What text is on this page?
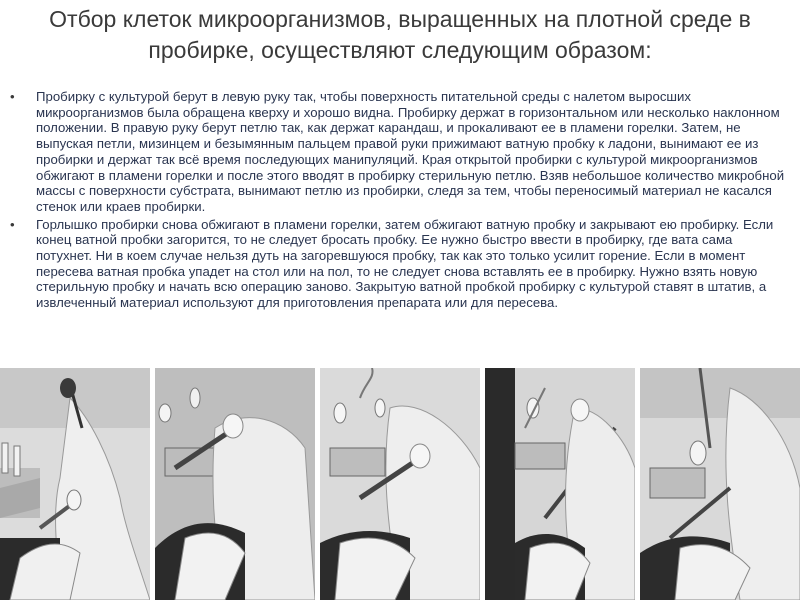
Отбор клеток микроорганизмов, выращенных на плотной среде в пробирке, осуществляют следующим образом:
• Пробирку с культурой берут в левую руку так, чтобы поверхность питательной среды с налетом выросших микроорганизмов была обращена кверху и хорошо видна. Пробирку держат в горизонтальном или несколько наклонном положении. В правую руку берут петлю так, как держат карандаш, и прокаливают ее в пламени горелки. Затем, не выпуская петли, мизинцем и безымянным пальцем правой руки прижимают ватную пробку к ладони, вынимают ее из пробирки и держат так всё время последующих манипуляций. Края открытой пробирки с культурой микроорганизмов обжигают в пламени горелки и после этого вводят в пробирку стерильную петлю. Взяв небольшое количество микробной массы с поверхности субстрата, вынимают петлю из пробирки, следя за тем, чтобы переносимый материал не касался стенок или краев пробирки.
• Горлышко пробирки снова обжигают в пламени горелки, затем обжигают ватную пробку и закрывают ею пробирку. Если конец ватной пробки загорится, то не следует бросать пробку. Ее нужно быстро ввести в пробирку, где вата сама потухнет. Ни в коем случае нельзя дуть на загоревшуюся пробку, так как это только усилит горение. Если в момент пересева ватная пробка упадет на стол или на пол, то не следует снова вставлять ее в пробирку. Нужно взять новую стерильную пробку и начать всю операцию заново. Закрытую ватной пробкой пробирку с культурой ставят в штатив, а извлеченный материал используют для приготовления препарата или для пересева.
